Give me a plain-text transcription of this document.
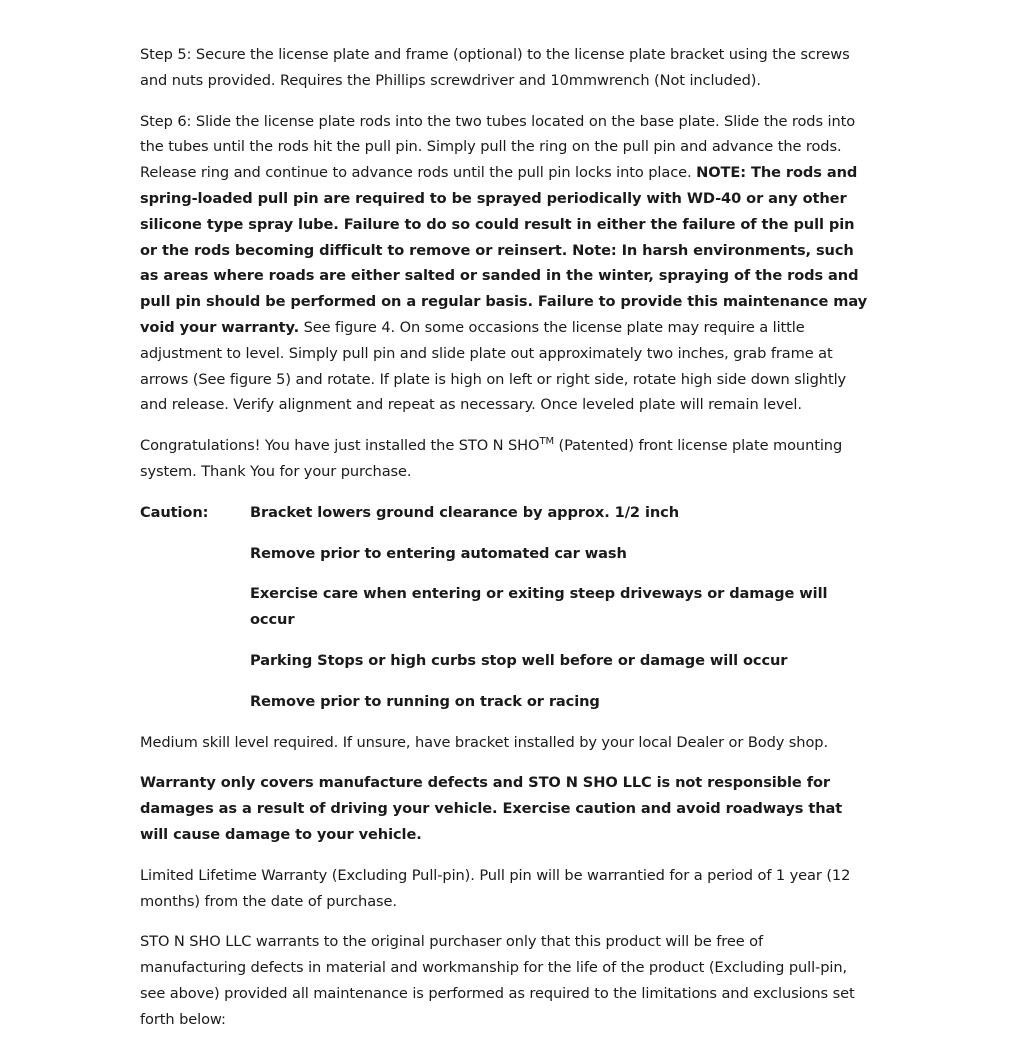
Step 5: Secure the license plate and frame (optional) to the license plate bracket using the screws and nuts provided. Requires the Phillips screwdriver and 10mmwrench (Not included).

Step 6: Slide the license plate rods into the two tubes located on the base plate. Slide the rods into the tubes until the rods hit the pull pin. Simply pull the ring on the pull pin and advance the rods. Release ring and continue to advance rods until the pull pin locks into place. NOTE: The rods and spring-loaded pull pin are required to be sprayed periodically with WD-40 or any other silicone type spray lube. Failure to do so could result in either the failure of the pull pin or the rods becoming difficult to remove or reinsert. Note: In harsh environments, such as areas where roads are either salted or sanded in the winter, spraying of the rods and pull pin should be performed on a regular basis. Failure to provide this maintenance may void your warranty. See figure 4. On some occasions the license plate may require a little adjustment to level. Simply pull pin and slide plate out approximately two inches, grab frame at arrows (See figure 5) and rotate. If plate is high on left or right side, rotate high side down slightly and release. Verify alignment and repeat as necessary. Once leveled plate will remain level.

Congratulations! You have just installed the STO N SHO™ (Patented) front license plate mounting system. Thank You for your purchase.

Caution:	Bracket lowers ground clearance by approx. 1/2 inch
Remove prior to entering automated car wash
Exercise care when entering or exiting steep driveways or damage will occur
Parking Stops or high curbs stop well before or damage will occur
Remove prior to running on track or racing

Medium skill level required. If unsure, have bracket installed by your local Dealer or Body shop.

Warranty only covers manufacture defects and STO N SHO LLC is not responsible for damages as a result of driving your vehicle. Exercise caution and avoid roadways that will cause damage to your vehicle.

Limited Lifetime Warranty (Excluding Pull-pin). Pull pin will be warrantied for a period of 1 year (12 months) from the date of purchase.

STO N SHO LLC warrants to the original purchaser only that this product will be free of manufacturing defects in material and workmanship for the life of the product (Excluding pull-pin, see above) provided all maintenance is performed as required to the limitations and exclusions set forth below:
